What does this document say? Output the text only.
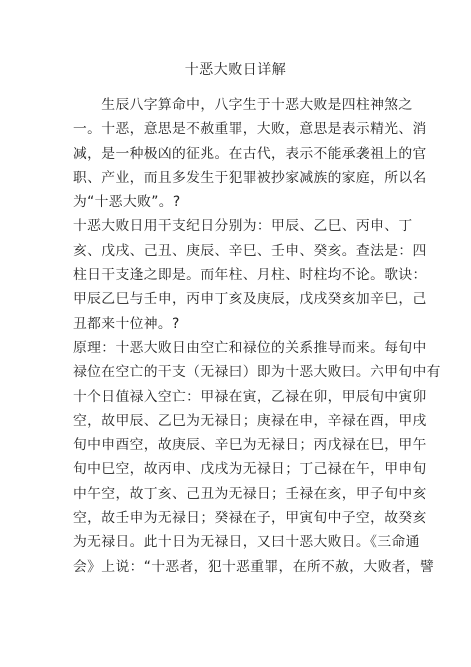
十恶大败日详解
　　生辰八字算命中，八字生于十恶大败是四柱神煞之
一。十恶，意思是不赦重罪，大败，意思是表示精光、消
减，是一种极凶的征兆。在古代，表示不能承袭祖上的官
职、产业，而且多发生于犯罪被抄家减族的家庭，所以名
为“十恶大败”。?
十恶大败日用干支纪日分别为：甲辰、乙巳、丙申、丁
亥、戊戌、己丑、庚辰、辛巳、壬申、癸亥。查法是：四
柱日干支逢之即是。而年柱、月柱、时柱均不论。歌诀：
甲辰乙巳与壬申，丙申丁亥及庚辰，戊戌癸亥加辛巳，己
丑都来十位神。?
原理：十恶大败日由空亡和禄位的关系推导而来。每旬中
禄位在空亡的干支（无禄曰）即为十恶大败曰。六甲旬中有
十个日值禄入空亡：甲禄在寅，乙禄在卯，甲辰旬中寅卯
空，故甲辰、乙巳为无禄日；庚禄在申，辛禄在酉，甲戌
旬中申酉空，故庚辰、辛巳为无禄日；丙戊禄在巳，甲午
旬中巳空，故丙申、戊戌为无禄日；丁己禄在午，甲申旬
中午空，故丁亥、己丑为无禄日；壬禄在亥，甲子旬中亥
空，故壬申为无禄日；癸禄在子，甲寅旬中子空，故癸亥
为无禄日。此十日为无禄日，又曰十恶大败日。《三命通
会》上说：“十恶者，犯十恶重罪，在所不赦，大败者，譬
